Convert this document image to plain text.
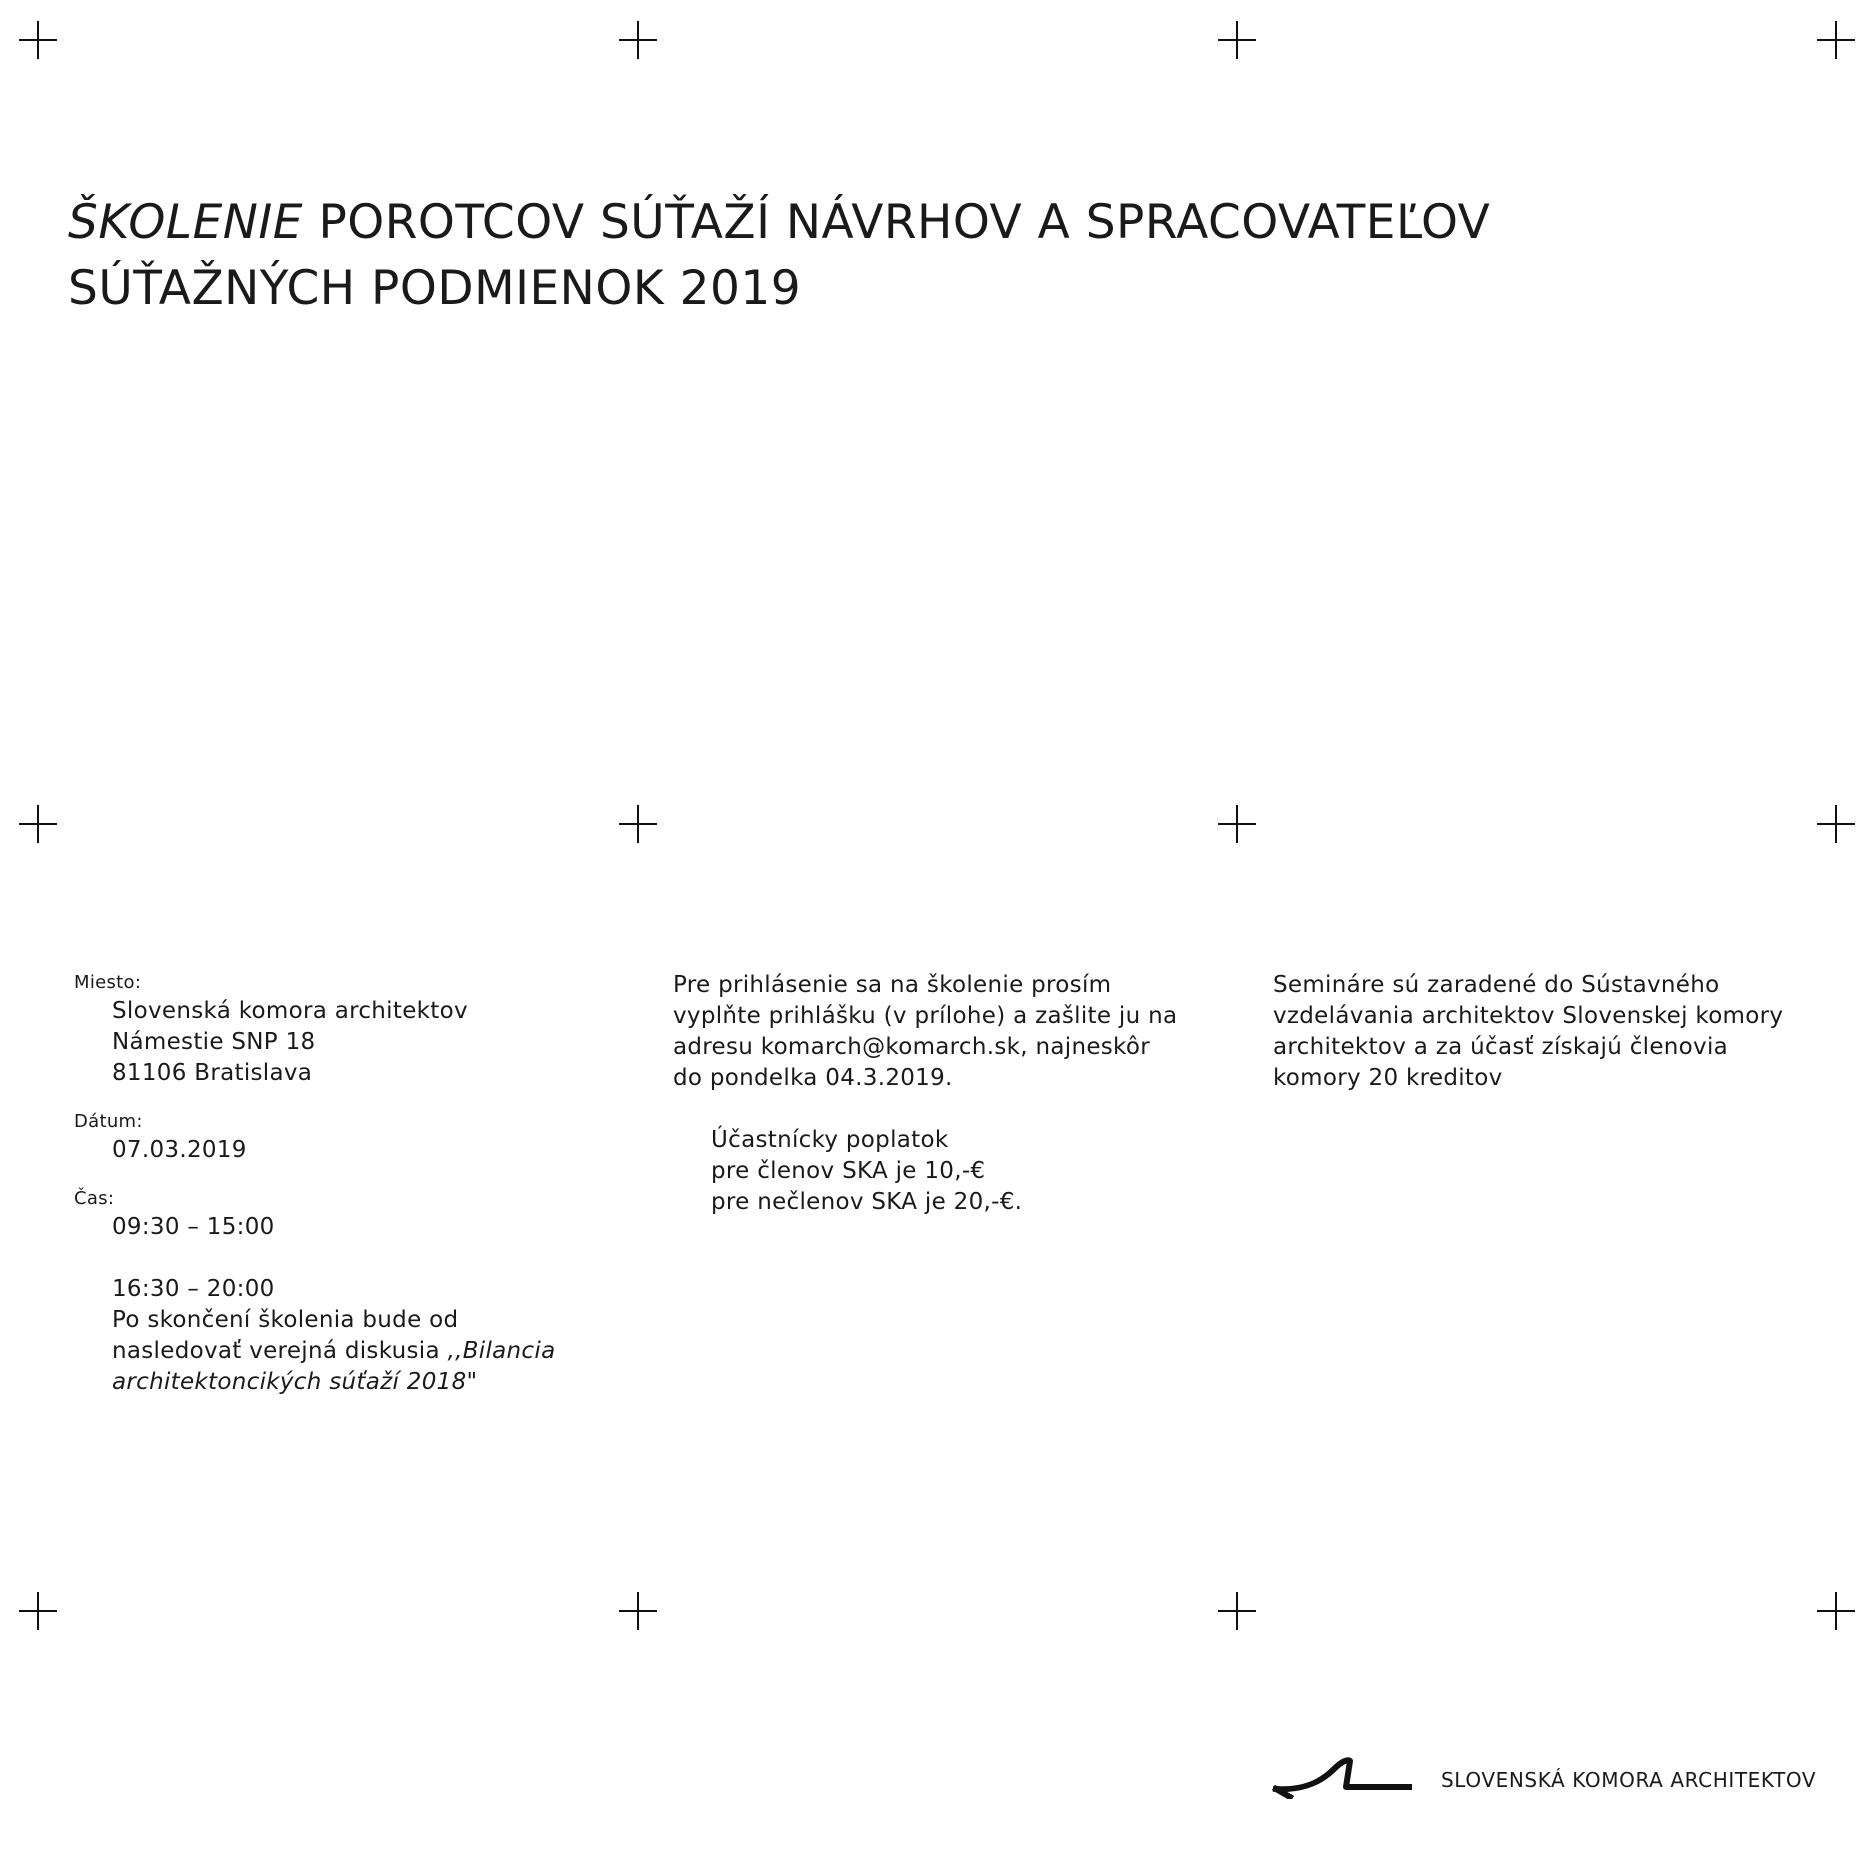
ŠKOLENIE POROTCOV SÚŤAŽÍ NÁVRHOV A SPRACOVATEĽOV
SÚŤAŽNÝCH PODMIENOK 2019

Miesto:

Slovenská komora architektov

Námestie SNP 18

81106 Bratislava

Dátum:

07.03.2019

Čas:

09:30 – 15:00

16:30 – 20:00

Po skončení školenia bude od

nasledovať verejná diskusia ,,Bilancia

architektoncikých súťaží 2018"

Pre prihlásenie sa na školenie prosím

vyplňte prihlášku (v prílohe) a zašlite ju na

adresu komarch@komarch.sk, najneskôr

do pondelka 04.3.2019.

Účastnícky poplatok

pre členov SKA je 10,-€

pre nečlenov SKA je 20,-€.

Semináre sú zaradené do Sústavného

vzdelávania architektov Slovenskej komory

architektov a za účasť získajú členovia

komory 20 kreditov

SLOVENSKÁ KOMORA ARCHITEKTOV
